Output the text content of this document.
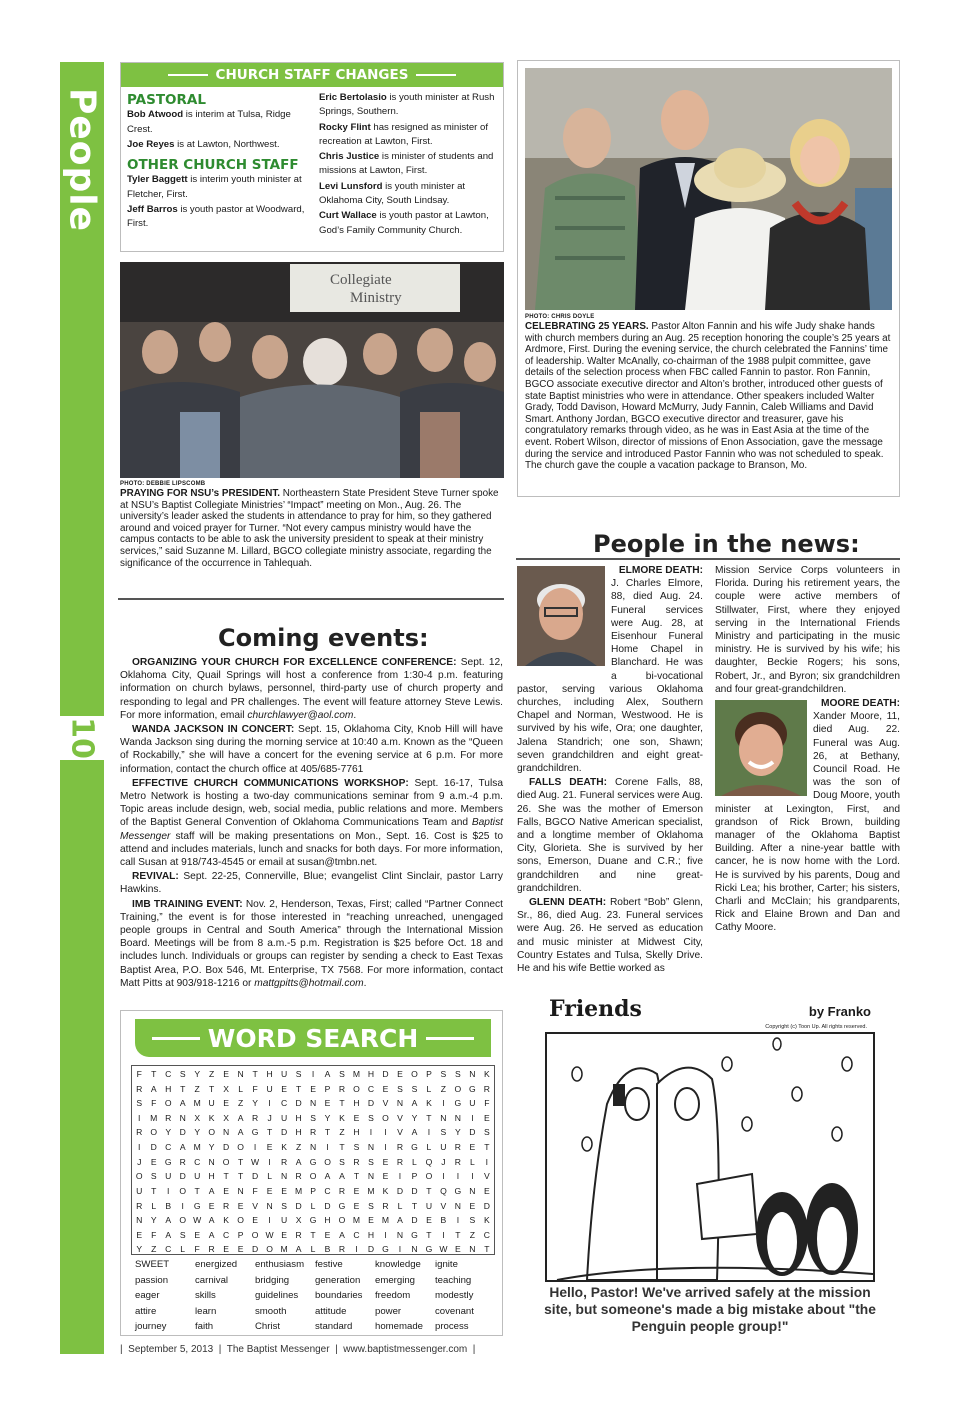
People
10
CHURCH STAFF CHANGES
PASTORAL

Bob Atwood is interim at Tulsa, Ridge Crest.

Joe Reyes is at Lawton, Northwest.

OTHER CHURCH STAFF

Tyler Baggett is interim youth minister at Fletcher, First.

Jeff Barros is youth pastor at Woodward, First.

Eric Bertolasio is youth minister at Rush Springs, Southern.

Rocky Flint has resigned as minister of recreation at Lawton, First.

Chris Justice is minister of students and missions at Lawton, First.

Levi Lunsford is youth minister at Oklahoma City, South Lindsay.

Curt Wallace is youth pastor at Lawton, God’s Family Community Church.

PHOTO: CHRIS DOYLE
CELEBRATING 25 YEARS. Pastor Alton Fannin and his wife Judy shake hands with church members during an Aug. 25 reception honoring the couple’s 25 years at Ardmore, First. During the evening service, the church celebrated the Fannins’ time of leadership. Walter McAnally, co-chairman of the 1988 pulpit committee, gave details of the selection process when FBC called Fannin to pastor. Ron Fannin, BGCO associate executive director and Alton’s brother, introduced other guests of state Baptist ministries who were in attendance. Other speakers included Walter Grady, Todd Davison, Howard McMurry, Judy Fannin, Caleb Williams and David Smart. Anthony Jordan, BGCO executive director and treasurer, gave his congratulatory remarks through video, as he was in East Asia at the time of the event. Robert Wilson, director of missions of Enon Association, gave the message during the service and introduced Pastor Fannin who was not scheduled to speak. The church gave the couple a vacation package to Branson, Mo.
Collegiate
Ministry
PHOTO: DEBBIE LIPSCOMB
PRAYING FOR NSU’s PRESIDENT. Northeastern State President Steve Turner spoke at NSU’s Baptist Collegiate Ministries’ “Impact” meeting on Mon., Aug. 26. The university’s leader asked the students in attendance to pray for him, so they gathered around and voiced prayer for Turner. “Not every campus ministry would have the campus contacts to be able to ask the university president to speak at their ministry services,” said Suzanne M. Lillard, BGCO collegiate ministry associate, regarding the significance of the occurrence in Tahlequah.
Coming events:

ORGANIZING YOUR CHURCH FOR EXCELLENCE CONFERENCE: Sept. 12, Oklahoma City, Quail Springs will host a conference from 1:30-4 p.m. featuring information on church bylaws, personnel, third-party use of church property and responding to legal and PR challenges. The event will feature attorney Steve Lewis. For more information, email churchlawyer@aol.com.

WANDA JACKSON IN CONCERT: Sept. 15, Oklahoma City, Knob Hill will have Wanda Jackson sing during the morning service at 10:40 a.m. Known as the “Queen of Rockabilly,” she will have a concert for the evening service at 6 p.m. For more information, contact the church office at 405/685-7761

EFFECTIVE CHURCH COMMUNICATIONS WORKSHOP: Sept. 16-17, Tulsa Metro Network is hosting a two-day communications seminar from 9 a.m.-4 p.m. Topic areas include design, web, social media, public relations and more. Members of the Baptist General Convention of Oklahoma Communications Team and Baptist Messenger staff will be making presentations on Mon., Sept. 16. Cost is $25 to attend and includes materials, lunch and snacks for both days. For more information, call Susan at 918/743-4545 or email at susan@tmbn.net.

REVIVAL: Sept. 22-25, Connerville, Blue; evangelist Clint Sinclair, pastor Larry Hawkins.

IMB TRAINING EVENT: Nov. 2, Henderson, Texas, First; called “Partner Connect Training,” the event is for those interested in “reaching unreached, unengaged people groups in Central and South America” through the International Mission Board. Meetings will be from 8 a.m.-5 p.m. Registration is $25 before Oct. 18 and includes lunch. Individuals or groups can register by sending a check to East Texas Baptist Area, P.O. Box 546, Mt. Enterprise, TX 7568. For more information, contact Matt Pitts at 903/918-1216 or mattgpitts@hotmail.com.

People in the news:

ELMORE DEATH:
J. Charles Elmore, 88, died Aug. 24. Funeral services were Aug. 28, at Eisenhour Funeral Home Chapel in Blanchard. He was a bi-vocational pastor, serving various Oklahoma churches, including Alex, Southern Chapel and Norman, Westwood. He is survived by his wife, Ora; one daughter, Jalena Standrich; one son, Shawn; seven grandchildren and eight great-grandchildren.

FALLS DEATH: Corene Falls, 88, died Aug. 21. Funeral services were Aug. 26. She was the mother of Emerson Falls, BGCO Native American specialist, and a longtime member of Oklahoma City, Glorieta. She is survived by her sons, Emerson, Duane and C.R.; five grandchildren and nine great-grandchildren.

GLENN DEATH: Robert “Bob” Glenn, Sr., 86, died Aug. 23. Funeral services were Aug. 26. He served as education and music minister at Midwest City, Country Estates and Tulsa, Skelly Drive. He and his wife Bettie worked as

Mission Service Corps volunteers in Florida. During his retirement years, the couple were active members of Stillwater, First, where they enjoyed serving in the International Friends Ministry and participating in the music ministry. He is survived by his wife; his daughter, Beckie Rogers; his sons, Robert, Jr., and Byron; six grandchildren and four great-grandchildren.

MOORE DEATH:
Xander Moore, 11, died Aug. 22. Funeral was Aug. 26, at Bethany, Council Road. He was the son of Doug Moore, youth minister at Lexington, First, and grandson of Rick Brown, building manager of the Oklahoma Baptist Building. After a nine-year battle with cancer, he is now home with the Lord. He is survived by his parents, Doug and Ricki Lea; his brother, Carter; his sisters, Charli and McClain; his grandparents, Rick and Elaine Brown and Dan and Cathy Moore.

WORD SEARCH
F	T	C S	Y	Z	E N	T	H U S	I	A	S M H D E O P	S	S N K
R A H	T	Z	T	X	L	F	U E	T	E	P R O C E	S	S	L	Z O G R
S	F O A M U E	Z	Y	I	C D N E	T	H D V N A	K	I	G U	F
I	M R N X	K	X	A R	J	U H S	Y	K	E	S O V	Y	T	N N	I	E
R O Y D Y O N A G T	D H R	T	Z	H	I	I	V	A	I	S	Y D S
I	D C A M Y D O	I	E	K	Z	N	I	T	S N	I	R G	L	U R E	T
J	E G R C N O T W	I	R A G O S R S	E R	L	Q	J	R	L	I
O S U D U H	T	T	D	L	N R O A	A	T	N E	I	P O	I	I	I	V
U	T	I	O T	A	E N	F	E	E M P C R E M K D D	T Q G N E
R	L	B	I	G E R E	V N S D	L	D G E	S R	L	T	U V N E D
N Y	A O W A	K O E	I	U X G H O M E M A D E	B	I	S	K
E	F	A	S	E	A C P O W E R	T	E	A C H	I	N G T	I	T	Z	C
Y	Z	C	L	F	R E	E D O M A	L	B R	I	D G	I	N G W E N	T
SWEET	energized	enthusiasm	festive	knowledge	ignite
passion	carnival	bridging	generation	emerging	teaching
eager	skills	guidelines	boundaries	freedom	modestly
attire	learn	smooth	attitude	power	covenant
journey	faith	Christ	standard	homemade	process
Friends	by Franko
Copyright (c) Toon Up. All rights reserved.
Hello, Pastor! We've arrived safely at the mission site, but someone's made a big mistake about "the Penguin people group!"
|  September 5, 2013  |  The Baptist Messenger  |  www.baptistmessenger.com  |
